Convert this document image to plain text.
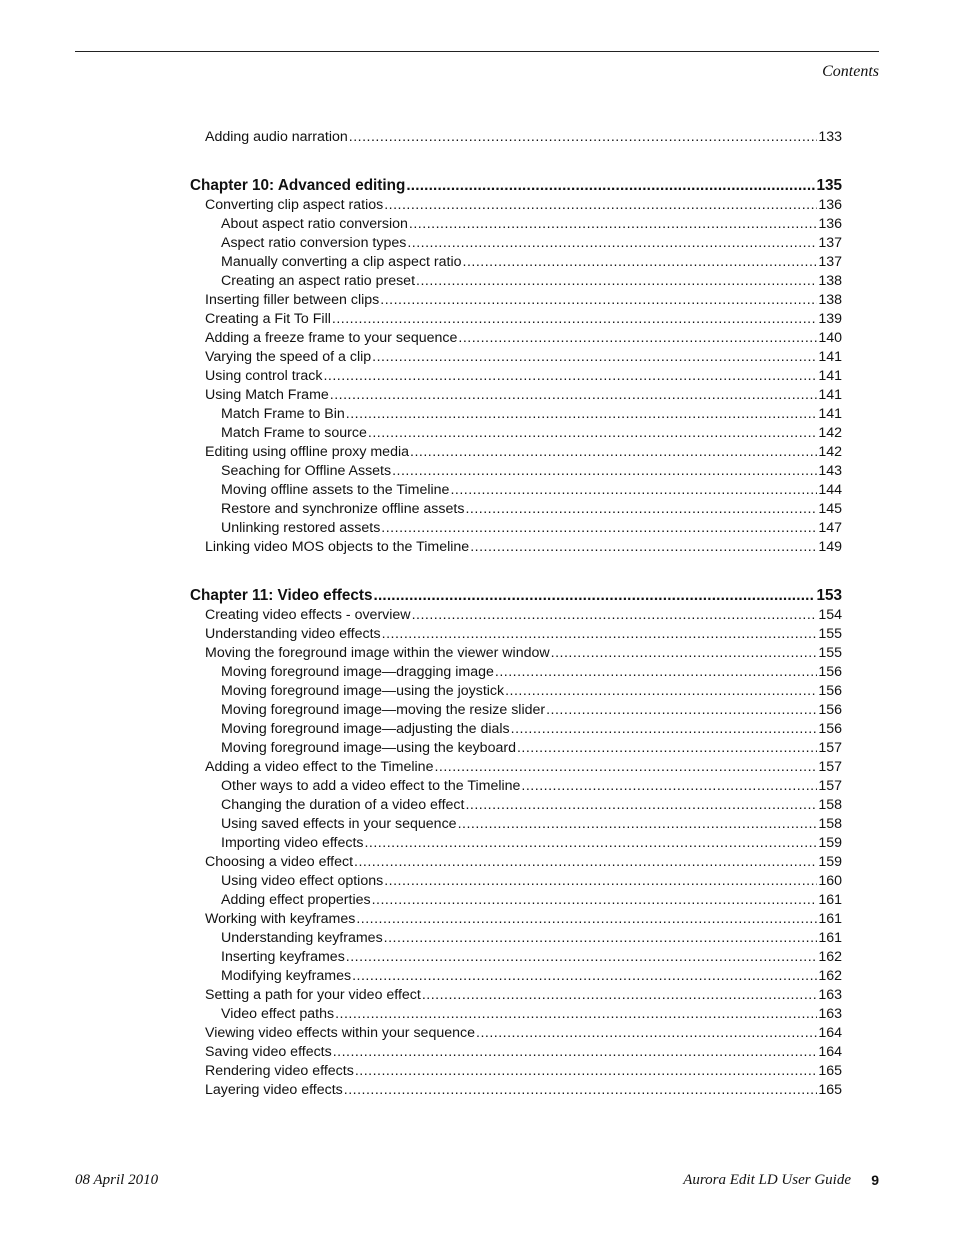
Contents
Adding audio narration .....	133
Chapter 10: Advanced editing .....	135
Converting clip aspect ratios .....	136
About aspect ratio conversion .....	136
Aspect ratio conversion types .....	137
Manually converting a clip aspect ratio .....	137
Creating an aspect ratio preset .....	138
Inserting filler between clips .....	138
Creating a Fit To Fill .....	139
Adding a freeze frame to your sequence .....	140
Varying the speed of a clip .....	141
Using control track .....	141
Using Match Frame .....	141
Match Frame to Bin .....	141
Match Frame to source .....	142
Editing using offline proxy media .....	142
Seaching for Offline Assets .....	143
Moving offline assets to the Timeline .....	144
Restore and synchronize offline assets .....	145
Unlinking restored assets .....	147
Linking video MOS objects to the Timeline .....	149
Chapter 11: Video effects .....	153
Creating video effects - overview .....	154
Understanding video effects .....	155
Moving the foreground image within the viewer window .....	155
Moving foreground image—dragging image .....	156
Moving foreground image—using the joystick .....	156
Moving foreground image—moving the resize slider .....	156
Moving foreground image—adjusting the dials .....	156
Moving foreground image—using the keyboard .....	157
Adding a video effect to the Timeline .....	157
Other ways to add a video effect to the Timeline .....	157
Changing the duration of a video effect .....	158
Using saved effects in your sequence .....	158
Importing video effects .....	159
Choosing a video effect .....	159
Using video effect options .....	160
Adding effect properties .....	161
Working with keyframes .....	161
Understanding keyframes .....	161
Inserting keyframes .....	162
Modifying keyframes .....	162
Setting a path for your video effect .....	163
Video effect paths .....	163
Viewing video effects within your sequence .....	164
Saving video effects .....	164
Rendering video effects .....	165
Layering video effects .....	165
08 April 2010	Aurora Edit LD User Guide 9
